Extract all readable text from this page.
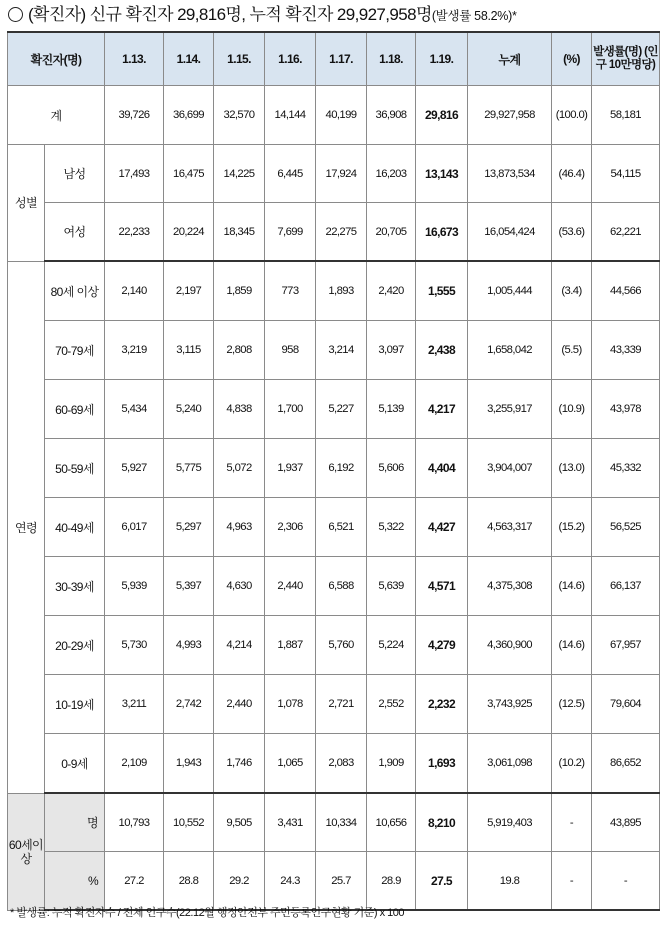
(확진자) 신규 확진자 29,816명, 누적 확진자 29,927,958명(발생률 58.2%)*
확진자(명)		1.13.	1.14.	1.15.	1.16.	1.17.	1.18.	1.19.	누계	(%)	발생률(명) (인구 10만명당)
계		39,726	36,699	32,570	14,144	40,199	36,908	29,816	29,927,958	(100.0)	58,181
성별	남성	17,493	16,475	14,225	6,445	17,924	16,203	13,143	13,873,534	(46.4)	54,115
	여성	22,233	20,224	18,345	7,699	22,275	20,705	16,673	16,054,424	(53.6)	62,221
연령	80세 이상	2,140	2,197	1,859	773	1,893	2,420	1,555	1,005,444	(3.4)	44,566
	70-79세	3,219	3,115	2,808	958	3,214	3,097	2,438	1,658,042	(5.5)	43,339
	60-69세	5,434	5,240	4,838	1,700	5,227	5,139	4,217	3,255,917	(10.9)	43,978
	50-59세	5,927	5,775	5,072	1,937	6,192	5,606	4,404	3,904,007	(13.0)	45,332
	40-49세	6,017	5,297	4,963	2,306	6,521	5,322	4,427	4,563,317	(15.2)	56,525
	30-39세	5,939	5,397	4,630	2,440	6,588	5,639	4,571	4,375,308	(14.6)	66,137
	20-29세	5,730	4,993	4,214	1,887	5,760	5,224	4,279	4,360,900	(14.6)	67,957
	10-19세	3,211	2,742	2,440	1,078	2,721	2,552	2,232	3,743,925	(12.5)	79,604
	0-9세	2,109	1,943	1,746	1,065	2,083	1,909	1,693	3,061,098	(10.2)	86,652
60세이상	명	10,793	10,552	9,505	3,431	10,334	10,656	8,210	5,919,403	-	43,895
	%	27.2	28.8	29.2	24.3	25.7	28.9	27.5	19.8	-	-
* 발생률: 누적 확진자수 / 전체 인구수(22.12월 행정안전부 주민등록인구현황 기준) x 100
